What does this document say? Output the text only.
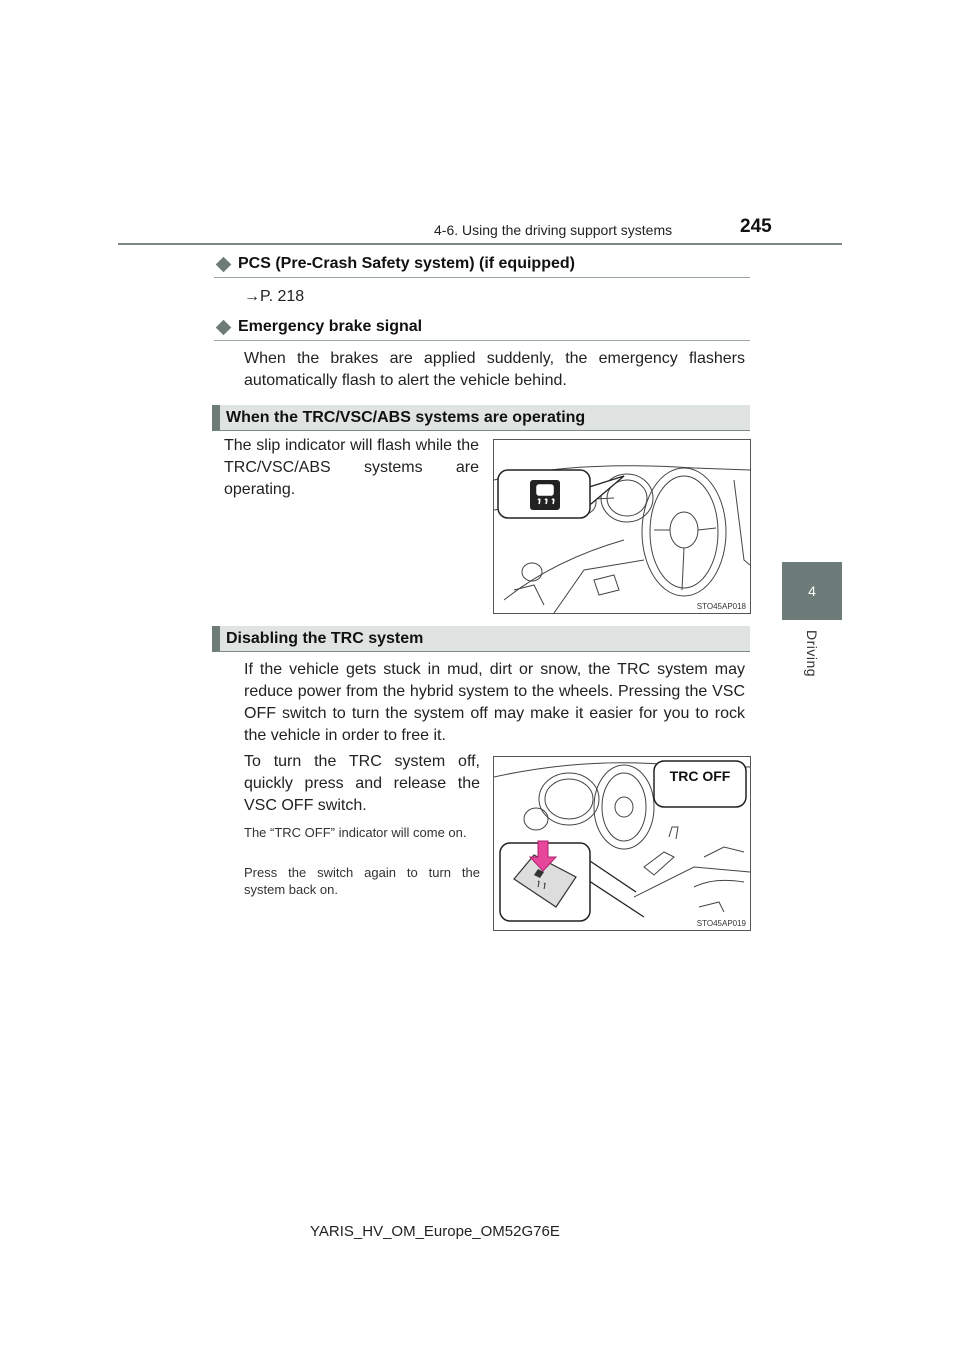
4-6. Using the driving support systems	245
4
Driving
PCS (Pre-Crash Safety system) (if equipped)
→P. 218
Emergency brake signal
When the brakes are applied suddenly, the emergency flashers automatically flash to alert the vehicle behind.
When the TRC/VSC/ABS systems are operating
The slip indicator will flash while the TRC/VSC/ABS systems are operating.
STO45AP018
Disabling the TRC system
If the vehicle gets stuck in mud, dirt or snow, the TRC system may reduce power from the hybrid system to the wheels. Pressing the VSC OFF switch to turn the system off may make it easier for you to rock the vehicle in order to free it.
To turn the TRC system off, quickly press and release the VSC OFF switch.
The “TRC OFF” indicator will come on.
Press the switch again to turn the system back on.
TRC OFF
STO45AP019
YARIS_HV_OM_Europe_OM52G76E
